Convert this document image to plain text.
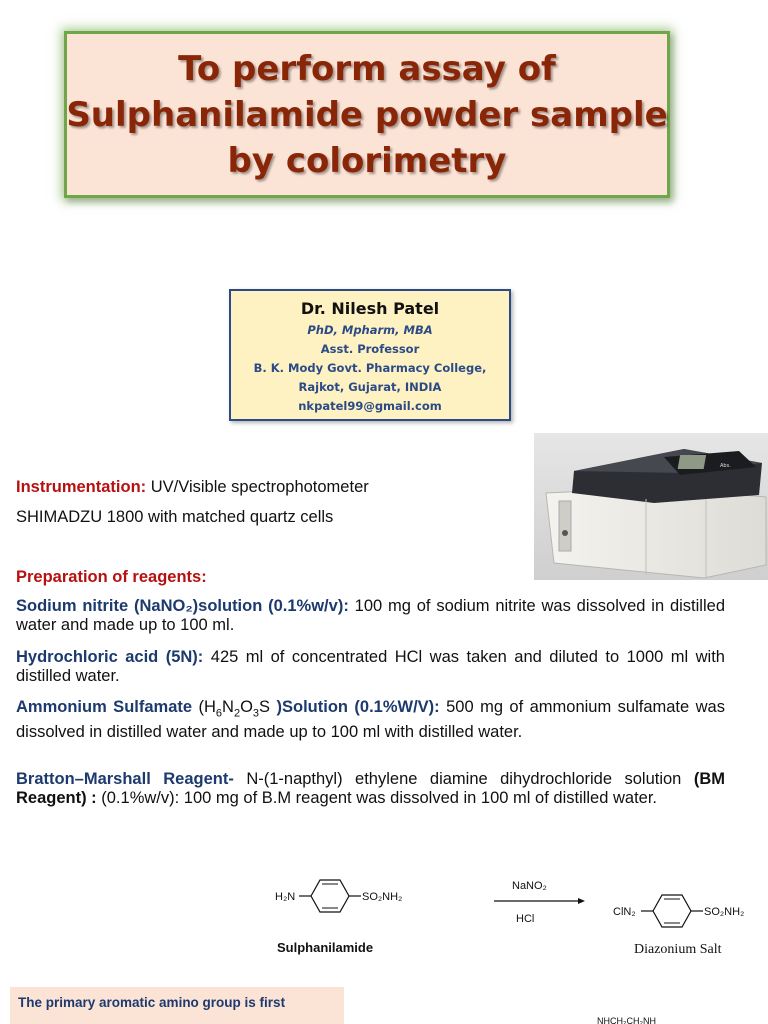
To perform assay of
Sulphanilamide powder sample
by colorimetry
Dr. Nilesh Patel
PhD, Mpharm, MBA
Asst. Professor
B. K. Mody Govt. Pharmacy College,
Rajkot, Gujarat, INDIA
nkpatel99@gmail.com
Abs.
Instrumentation: UV/Visible spectrophotometer
SHIMADZU 1800 with matched quartz cells
Preparation of reagents:
Sodium nitrite (NaNO₂)solution (0.1%w/v): 100 mg of sodium nitrite was dissolved in distilled water and made up to 100 ml.
Hydrochloric acid (5N): 425 ml of concentrated HCl was taken and diluted to 1000 ml with distilled water.
Ammonium Sulfamate ($H_6N_2O_3S$ )Solution (0.1%W/V): 500 mg of ammonium sulfamate was dissolved in distilled water and made up to 100 ml with distilled water.
Bratton–Marshall Reagent- N-(1-napthyl) ethylene diamine dihydrochloride solution (BM Reagent) : (0.1%w/v): 100 mg of B.M reagent was dissolved in 100 ml of distilled water.
H₂N	SO₂NH₂
Sulphanilamide
NaNO₂
HCl
ClN₂	SO₂NH₂
Diazonium Salt
NHCH₂CH₂NH
The primary aromatic amino group is first
